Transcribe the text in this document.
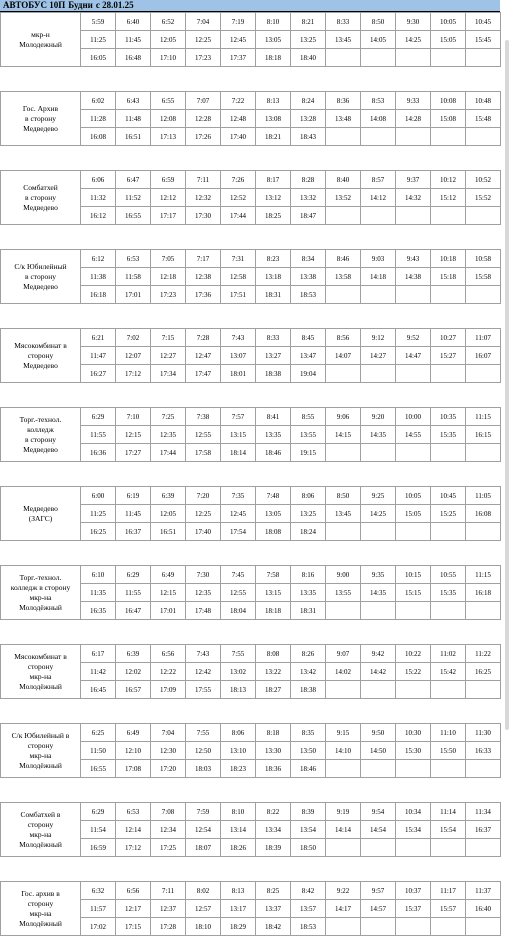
АВТОБУС 10П Будни с 28.01.25
мкр-н
Молодежный	5:59	6:40	6:52	7:04	7:19	8:10	8:21	8:33	8:50	9:30	10:05	10:45
	11:25	11:45	12:05	12:25	12:45	13:05	13:25	13:45	14:05	14:25	15:05	15:45
	16:05	16:48	17:10	17:23	17:37	18:18	18:40					
Гос. Архив
в сторону
Медведево	6:02	6:43	6:55	7:07	7:22	8:13	8:24	8:36	8:53	9:33	10:08	10:48
	11:28	11:48	12:08	12:28	12:48	13:08	13:28	13:48	14:08	14:28	15:08	15:48
	16:08	16:51	17:13	17:26	17:40	18:21	18:43					
Сомбатхей
в сторону
Медведево	6:06	6:47	6:59	7:11	7:26	8:17	8:28	8:40	8:57	9:37	10:12	10:52
	11:32	11:52	12:12	12:32	12:52	13:12	13:32	13:52	14:12	14:32	15:12	15:52
	16:12	16:55	17:17	17:30	17:44	18:25	18:47					
С/к Юбилейный
в сторону
Медведево	6:12	6:53	7:05	7:17	7:31	8:23	8:34	8:46	9:03	9:43	10:18	10:58
	11:38	11:58	12:18	12:38	12:58	13:18	13:38	13:58	14:18	14:38	15:18	15:58
	16:18	17:01	17:23	17:36	17:51	18:31	18:53					
Мясокомбинат в
сторону
Медведево	6:21	7:02	7:15	7:28	7:43	8:33	8:45	8:56	9:12	9:52	10:27	11:07
	11:47	12:07	12:27	12:47	13:07	13:27	13:47	14:07	14:27	14:47	15:27	16:07
	16:27	17:12	17:34	17:47	18:01	18:38	19:04					
Торг.-технол.
колледж
в сторону
Медведево	6:29	7:10	7:25	7:38	7:57	8:41	8:55	9:06	9:20	10:00	10:35	11:15
	11:55	12:15	12:35	12:55	13:15	13:35	13:55	14:15	14:35	14:55	15:35	16:15
	16:36	17:27	17:44	17:58	18:14	18:46	19:15					
Медведево
(ЗАГС)	6:00	6:19	6:39	7:20	7:35	7:48	8:06	8:50	9:25	10:05	10:45	11:05
	11:25	11:45	12:05	12:25	12:45	13:05	13:25	13:45	14:25	15:05	15:25	16:08
	16:25	16:37	16:51	17:40	17:54	18:08	18:24					
Торг.-технол.
колледж в сторону
мкр-на
Молодёжный	6:10	6:29	6:49	7:30	7:45	7:58	8:16	9:00	9:35	10:15	10:55	11:15
	11:35	11:55	12:15	12:35	12:55	13:15	13:35	13:55	14:35	15:15	15:35	16:18
	16:35	16:47	17:01	17:48	18:04	18:18	18:31					
Мясокомбинат в
сторону
мкр-на
Молодёжный	6:17	6:39	6:56	7:43	7:55	8:08	8:26	9:07	9:42	10:22	11:02	11:22
	11:42	12:02	12:22	12:42	13:02	13:22	13:42	14:02	14:42	15:22	15:42	16:25
	16:45	16:57	17:09	17:55	18:13	18:27	18:38					
С/к Юбилейный в
сторону
мкр-на
Молодёжный	6:25	6:49	7:04	7:55	8:06	8:18	8:35	9:15	9:50	10:30	11:10	11:30
	11:50	12:10	12:30	12:50	13:10	13:30	13:50	14:10	14:50	15:30	15:50	16:33
	16:55	17:08	17:20	18:03	18:23	18:36	18:46					
Сомбатхей в
сторону
мкр-на
Молодёжный	6:29	6:53	7:08	7:59	8:10	8:22	8:39	9:19	9:54	10:34	11:14	11:34
	11:54	12:14	12:34	12:54	13:14	13:34	13:54	14:14	14:54	15:34	15:54	16:37
	16:59	17:12	17:25	18:07	18:26	18:39	18:50					
Гос. архив в
сторону
мкр-на
Молодёжный	6:32	6:56	7:11	8:02	8:13	8:25	8:42	9:22	9:57	10:37	11:17	11:37
	11:57	12:17	12:37	12:57	13:17	13:37	13:57	14:17	14:57	15:37	15:57	16:40
	17:02	17:15	17:28	18:10	18:29	18:42	18:53					
